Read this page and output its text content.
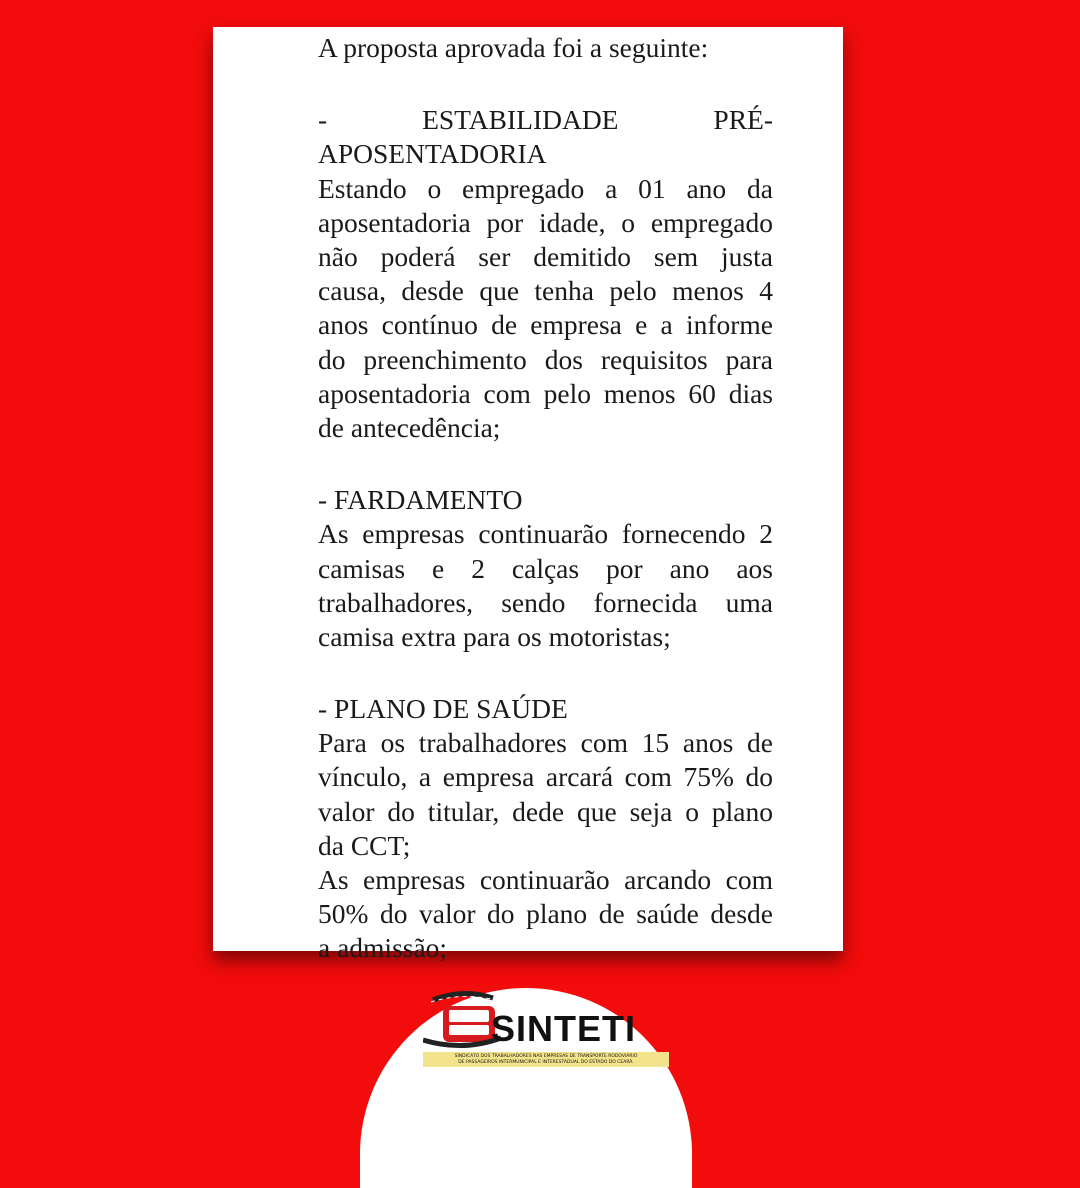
A proposta aprovada foi a seguinte:
-	ESTABILIDADE	PRÉ-
APOSENTADORIA
Estando o empregado a 01 ano da
aposentadoria por idade, o empregado
não poderá ser demitido sem justa
causa, desde que tenha pelo menos 4
anos contínuo de empresa e a informe
do preenchimento dos requisitos para
aposentadoria com pelo menos 60 dias
de antecedência;
- FARDAMENTO
As empresas continuarão fornecendo 2
camisas e 2 calças por ano aos
trabalhadores, sendo fornecida uma
camisa extra para os motoristas;
- PLANO DE SAÚDE
Para os trabalhadores com 15 anos de
vínculo, a empresa arcará com 75% do
valor do titular, dede que seja o plano
da CCT;
As empresas continuarão arcando com
50% do valor do plano de saúde desde
a admissão;
SINTETI
SINDICATO DOS TRABALHADORES NAS EMPRESAS DE TRANSPORTE RODOVIÁRIO
DE PASSAGEIROS INTERMUNICIPAL E INTERESTADUAL DO ESTADO DO CEARÁ.
